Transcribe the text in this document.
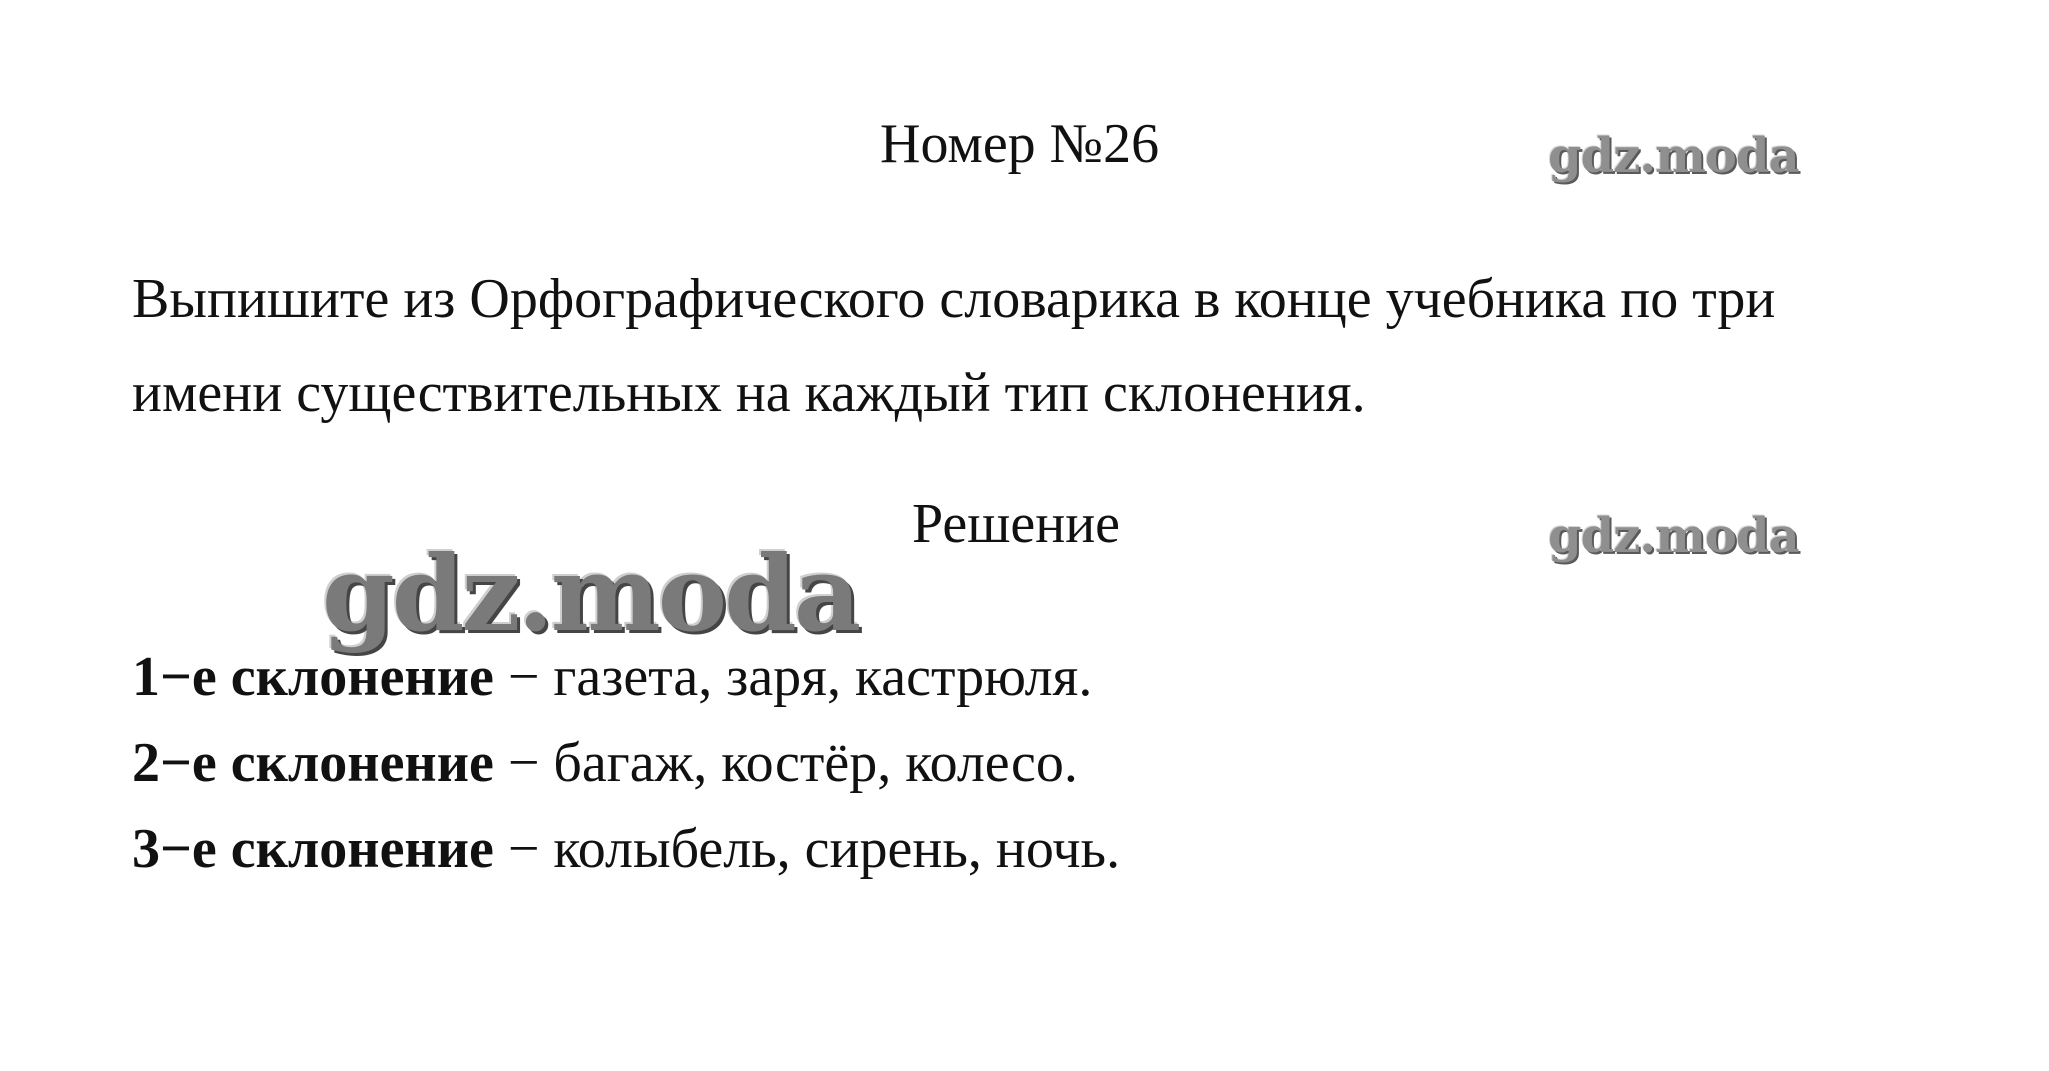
Номер №26	gdz.moda

Выпишите из Орфографического словарика в конце учебника по три

имени существительных на каждый тип склонения.

Решение	gdz.moda
gdz.moda
1−е склонение − газета, заря, кастрюля.
2−е склонение − багаж, костёр, колесо.
3−е склонение − колыбель, сирень, ночь.
